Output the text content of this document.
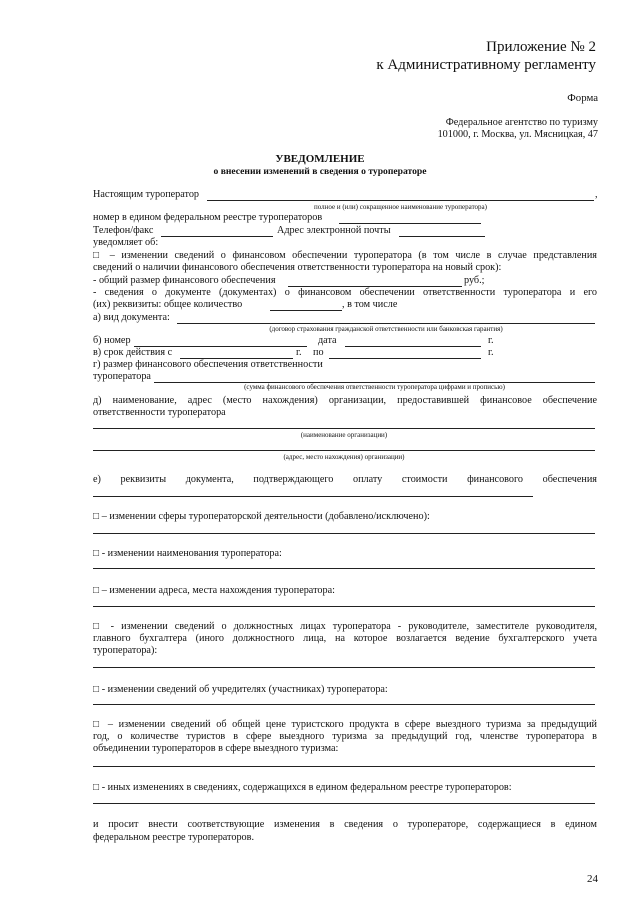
Приложение № 2
к Административному регламенту
Форма
Федеральное агентство по туризму
101000, г. Москва, ул. Мясницкая, 47
УВЕДОМЛЕНИЕ
о внесении изменений в сведения о туроператоре
Настоящим туроператор	,
полное и (или) сокращенное наименование туроператора)
номер в едином федеральном реестре туроператоров
Телефон/факс	Адрес электронной почты
уведомляет об:
□ – изменении сведений о финансовом обеспечении туроператора (в том числе в случае представления
сведений о наличии финансового обеспечения ответственности туроператора на новый срок):
- общий размер финансового обеспечения	руб.;
- сведения о документе (документах) о финансовом обеспечении ответственности туроператора и его
(их) реквизиты: общее количество	, в том числе
а) вид документа:
(договор страхования гражданской ответственности или банковская гарантия)
б) номер	дата	г.
в) срок действия с	г. по	г.
г) размер финансового обеспечения ответственности
туроператора
(сумма финансового обеспечения ответственности туроператора цифрами и прописью)
д) наименование, адрес (место нахождения) организации, предоставившей финансовое обеспечение
ответственности туроператора
(наименование организации)
(адрес, место нахождения) организации)
е) реквизиты документа, подтверждающего оплату стоимости финансового обеспечения
□ – изменении сферы туроператорской деятельности (добавлено/исключено):
□ - изменении наименования туроператора:
□ – изменении адреса, места нахождения туроператора:
□ - изменении сведений о должностных лицах туроператора - руководителе, заместителе руководителя,
главного бухгалтера (иного должностного лица, на которое возлагается ведение бухгалтерского учета
туроператора):
□ - изменении сведений об учредителях (участниках) туроператора:
□ – изменении сведений об общей цене туристского продукта в сфере выездного туризма за предыдущий
год, о количестве туристов в сфере выездного туризма за предыдущий год, членстве туроператора в
объединении туроператоров в сфере выездного туризма:
□ - иных изменениях в сведениях, содержащихся в едином федеральном реестре туроператоров:
и просит внести соответствующие изменения в сведения о туроператоре, содержащиеся в едином
федеральном реестре туроператоров.
24
